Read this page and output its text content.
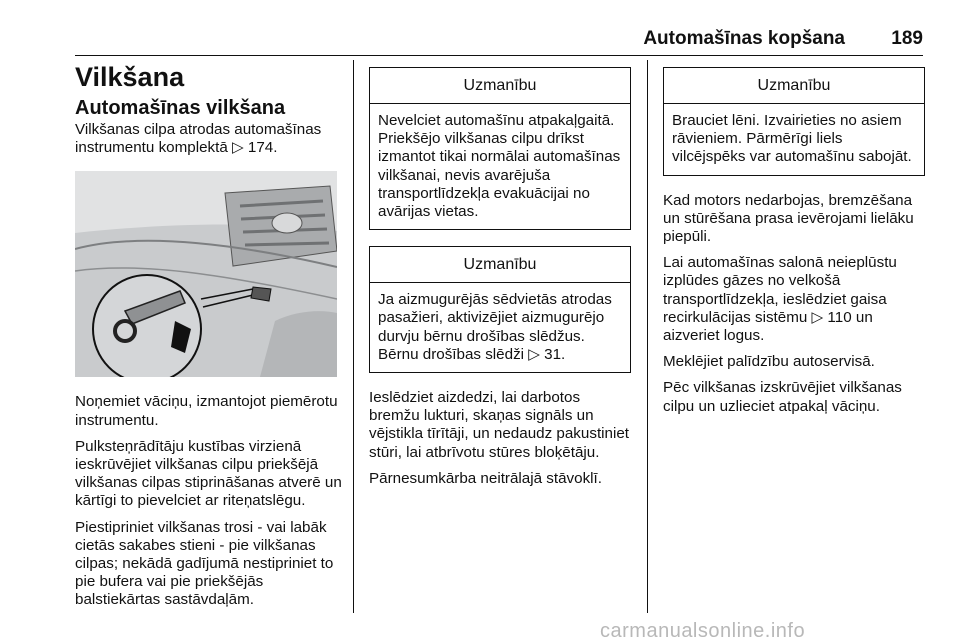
Automašīnas kopšana 189
Vilkšana
Automašīnas vilkšana

Vilkšanas cilpa atrodas automašīnas instrumentu komplektā ▷ 174.

Noņemiet vāciņu, izmantojot piemērotu instrumentu.

Pulksteņrādītāju kustības virzienā ieskrūvējiet vilkšanas cilpu priekšējā vilkšanas cilpas stiprināšanas atverē un kārtīgi to pievelciet ar riteņatslēgu.

Piestipriniet vilkšanas trosi - vai labāk cietās sakabes stieni - pie vilkšanas cilpas; nekādā gadījumā nestipriniet to pie bufera vai pie priekšējās balstiekārtas sastāvdaļām.

Uzmanību
Nevelciet automašīnu atpakaļgaitā. Priekšējo vilkšanas cilpu drīkst izmantot tikai normālai automašīnas vilkšanai, nevis avarējuša transportlīdzekļa evakuācijai no avārijas vietas.
Uzmanību
Ja aizmugurējās sēdvietās atrodas pasažieri, aktivizējiet aizmugurējo durvju bērnu drošības slēdžus. Bērnu drošības slēdži ▷ 31.

Ieslēdziet aizdedzi, lai darbotos bremžu lukturi, skaņas signāls un vējstikla tīrītāji, un nedaudz pakustiniet stūri, lai atbrīvotu stūres bloķētāju.

Pārnesumkārba neitrālajā stāvoklī.

Uzmanību
Brauciet lēni. Izvairieties no asiem rāvieniem. Pārmērīgi liels vilcējspēks var automašīnu sabojāt.

Kad motors nedarbojas, bremzēšana un stūrēšana prasa ievērojami lielāku piepūli.

Lai automašīnas salonā neieplūstu izplūdes gāzes no velkošā transportlīdzekļa, ieslēdziet gaisa recirkulācijas sistēmu ▷ 110 un aizveriet logus.

Meklējiet palīdzību autoservisā.

Pēc vilkšanas izskrūvējiet vilkšanas cilpu un uzlieciet atpakaļ vāciņu.

carmanualsonline.info
